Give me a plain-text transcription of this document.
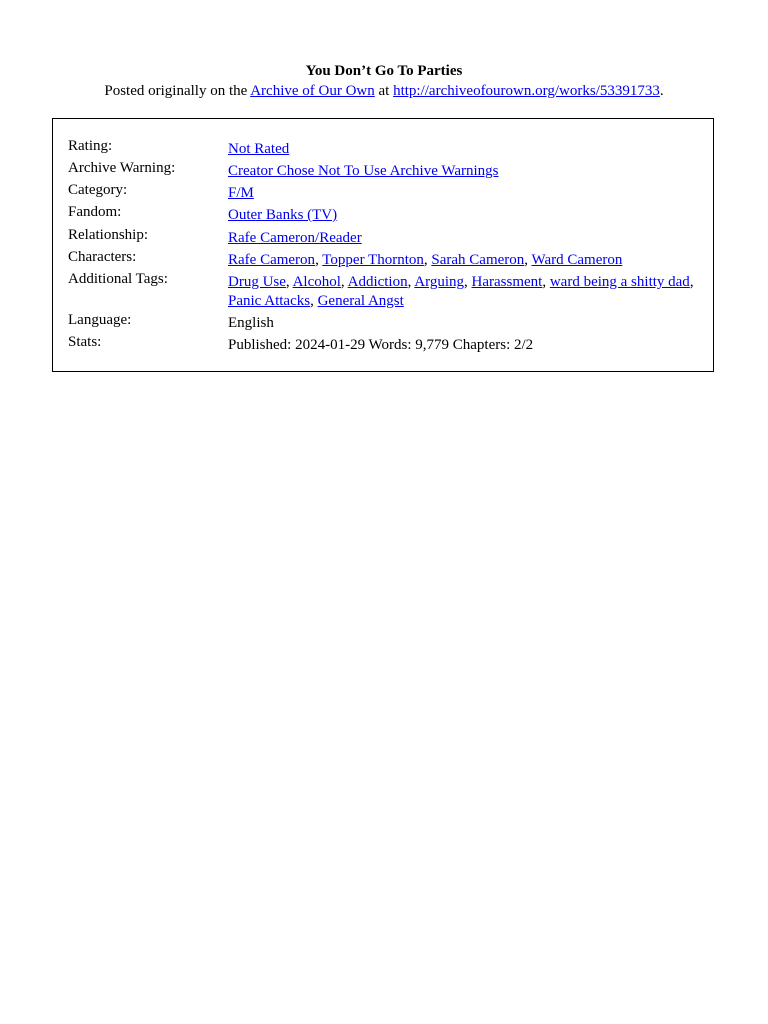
You Don’t Go To Parties
Posted originally on the Archive of Our Own at http://archiveofourown.org/works/53391733.
Rating:	Not Rated
Archive Warning:	Creator Chose Not To Use Archive Warnings
Category:	F/M
Fandom:	Outer Banks (TV)
Relationship:	Rafe Cameron/Reader
Characters:	Rafe Cameron, Topper Thornton, Sarah Cameron, Ward Cameron
Additional Tags:	Drug Use, Alcohol, Addiction, Arguing, Harassment, ward being a shitty dad, Panic Attacks, General Angst
Language:	English
Stats:	Published: 2024-01-29 Words: 9,779 Chapters: 2/2
